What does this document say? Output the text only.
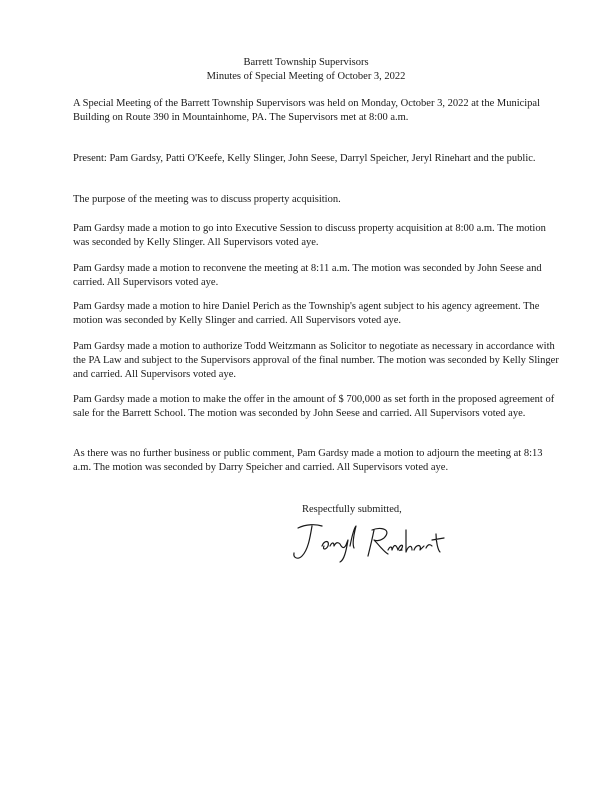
Barrett Township Supervisors
Minutes of Special Meeting of October 3, 2022

A Special Meeting of the Barrett Township Supervisors was held on Monday, October 3, 2022 at the Municipal Building on Route 390 in Mountainhome, PA. The Supervisors met at 8:00 a.m.

Present: Pam Gardsy, Patti O'Keefe, Kelly Slinger, John Seese, Darryl Speicher, Jeryl Rinehart and the public.

The purpose of the meeting was to discuss property acquisition.

Pam Gardsy made a motion to go into Executive Session to discuss property acquisition at 8:00 a.m. The motion was seconded by Kelly Slinger. All Supervisors voted aye.

Pam Gardsy made a motion to reconvene the meeting at 8:11 a.m. The motion was seconded by John Seese and carried. All Supervisors voted aye.

Pam Gardsy made a motion to hire Daniel Perich as the Township's agent subject to his agency agreement. The motion was seconded by Kelly Slinger and carried. All Supervisors voted aye.

Pam Gardsy made a motion to authorize Todd Weitzmann as Solicitor to negotiate as necessary in accordance with the PA Law and subject to the Supervisors approval of the final number. The motion was seconded by Kelly Slinger and carried. All Supervisors voted aye.

Pam Gardsy made a motion to make the offer in the amount of $ 700,000 as set forth in the proposed agreement of sale for the Barrett School. The motion was seconded by John Seese and carried. All Supervisors voted aye.

As there was no further business or public comment, Pam Gardsy made a motion to adjourn the meeting at 8:13 a.m. The motion was seconded by Darry Speicher and carried. All Supervisors voted aye.

Respectfully submitted,
